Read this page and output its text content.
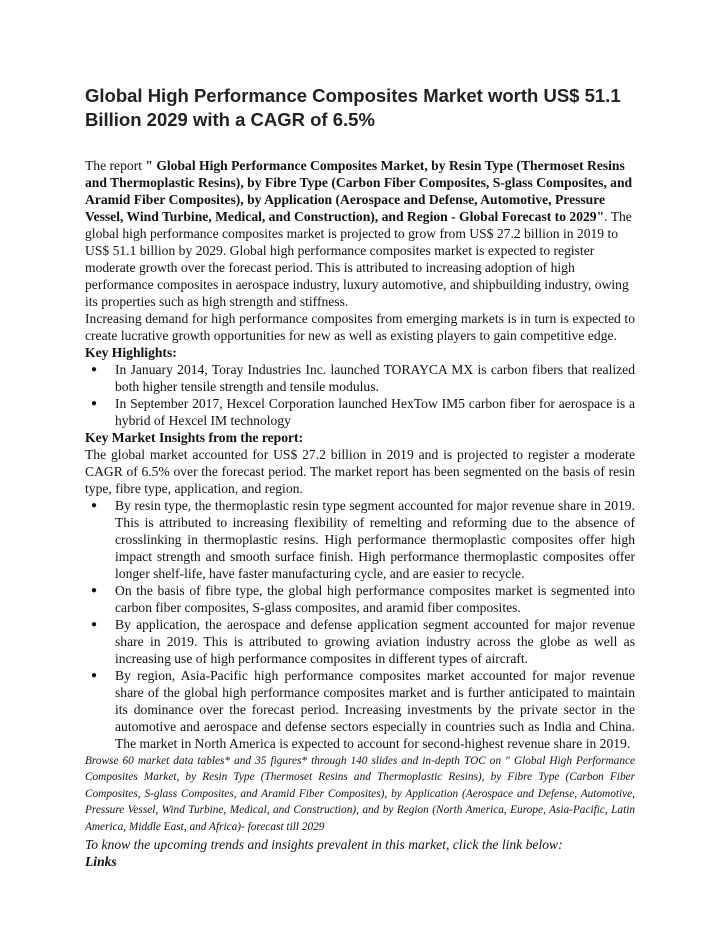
Global High Performance Composites Market worth US$ 51.1 Billion 2029 with a CAGR of 6.5%

The report " Global High Performance Composites Market, by Resin Type (Thermoset Resins and Thermoplastic Resins), by Fibre Type (Carbon Fiber Composites, S-glass Composites, and Aramid Fiber Composites), by Application (Aerospace and Defense, Automotive, Pressure Vessel, Wind Turbine, Medical, and Construction), and Region - Global Forecast to 2029". The global high performance composites market is projected to grow from US$ 27.2 billion in 2019 to US$ 51.1 billion by 2029. Global high performance composites market is expected to register moderate growth over the forecast period. This is attributed to increasing adoption of high performance composites in aerospace industry, luxury automotive, and shipbuilding industry, owing its properties such as high strength and stiffness.

Increasing demand for high performance composites from emerging markets is in turn is expected to create lucrative growth opportunities for new as well as existing players to gain competitive edge.

Key Highlights:

● In January 2014, Toray Industries Inc. launched TORAYCA MX is carbon fibers that realized both higher tensile strength and tensile modulus.
● In September 2017, Hexcel Corporation launched HexTow IM5 carbon fiber for aerospace is a hybrid of Hexcel IM technology

Key Market Insights from the report:

The global market accounted for US$ 27.2 billion in 2019 and is projected to register a moderate CAGR of 6.5% over the forecast period. The market report has been segmented on the basis of resin type, fibre type, application, and region.

● By resin type, the thermoplastic resin type segment accounted for major revenue share in 2019. This is attributed to increasing flexibility of remelting and reforming due to the absence of crosslinking in thermoplastic resins. High performance thermoplastic composites offer high impact strength and smooth surface finish. High performance thermoplastic composites offer longer shelf-life, have faster manufacturing cycle, and are easier to recycle.
● On the basis of fibre type, the global high performance composites market is segmented into carbon fiber composites, S-glass composites, and aramid fiber composites.
● By application, the aerospace and defense application segment accounted for major revenue share in 2019. This is attributed to growing aviation industry across the globe as well as increasing use of high performance composites in different types of aircraft.
● By region, Asia-Pacific high performance composites market accounted for major revenue share of the global high performance composites market and is further anticipated to maintain its dominance over the forecast period. Increasing investments by the private sector in the automotive and aerospace and defense sectors especially in countries such as India and China. The market in North America is expected to account for second-highest revenue share in 2019.

Browse 60 market data tables* and 35 figures* through 140 slides and in-depth TOC on " Global High Performance Composites Market, by Resin Type (Thermoset Resins and Thermoplastic Resins), by Fibre Type (Carbon Fiber Composites, S-glass Composites, and Aramid Fiber Composites), by Application (Aerospace and Defense, Automotive, Pressure Vessel, Wind Turbine, Medical, and Construction), and by Region (North America, Europe, Asia-Pacific, Latin America, Middle East, and Africa)- forecast till 2029

To know the upcoming trends and insights prevalent in this market, click the link below:

Links
